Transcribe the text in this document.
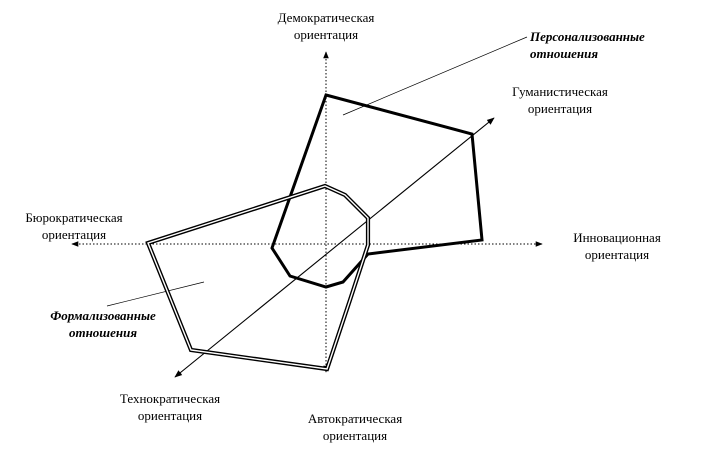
Демократическая
ориентация
Гуманистическая
ориентация
Инновационная
ориентация
Автократическая
ориентация
Технократическая
ориентация
Бюрократическая
ориентация
Персонализованные
отношения
Формализованные
отношения
